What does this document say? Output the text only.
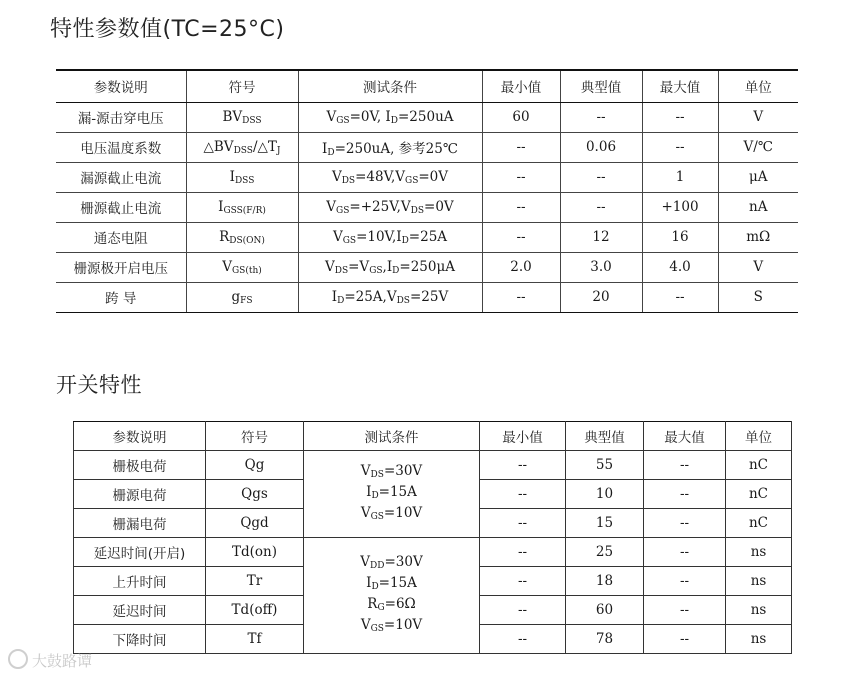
特性参数值(TC=25°C)
参数说明	符号	测试条件	最小值	典型值	最大值	单位
漏-源击穿电压	$BV_{DSS}$	$V_{GS}=0V$, $I_D=250uA$	60	--	--	V
电压温度系数	$\triangle BV_{DSS}/\triangle T_J$	$I_D=250uA$, 参考25℃	--	0.06	--	V/℃
漏源截止电流	$I_{DSS}$	$V_{DS}=48V,V_{GS}=0V$	--	--	1	μA
栅源截止电流	$I_{GSS(F/R)}$	$V_{GS}=+25V,V_{DS}=0V$	--	--	+100	nA
通态电阻	$R_{DS(ON)}$	$V_{GS}=10V,I_D=25A$	--	12	16	mΩ
栅源极开启电压	$V_{GS(th)}$	$V_{DS}=V_{GS},I_D=250\mu A$	2.0	3.0	4.0	V
跨 导	$g_{FS}$	$I_D=25A,V_{DS}=25V$	--	20	--	S
开关特性
参数说明	符号	测试条件	最小值	典型值	最大值	单位
栅极电荷	Qg	$V_{DS}=30V$
$I_D=15A$
$V_{GS}=10V$	--	55	--	nC
栅源电荷	Qgs		--	10	--	nC
栅漏电荷	Qgd		--	15	--	nC
延迟时间(开启)	Td(on)	$V_{DD}=30V$
$I_D=15A$
$R_G=6\Omega$
$V_{GS}=10V$	--	25	--	ns
上升时间	Tr		--	18	--	ns
延迟时间	Td(off)		--	60	--	ns
下降时间	Tf		--	78	--	ns
大鼓路谭
